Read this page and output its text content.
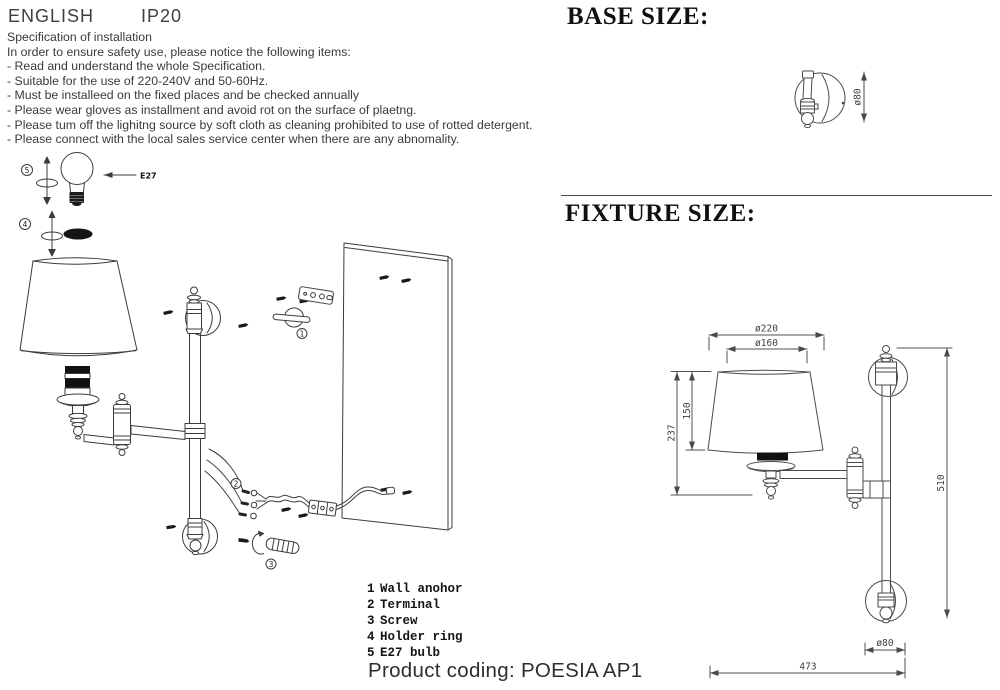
ENGLISH	IP20
Specification of installation
In order to ensure safety use, please notice the following items:
- Read and understand the whole Specification.
- Suitable for the use of 220-240V and 50-60Hz.
- Must be installeed on the fixed places and be checked annually
- Please wear gloves as installment and avoid rot on the surface of plaetng.
- Please tum off the lighitng source by soft cloth as cleaning prohibited to use of rotted detergent.
- Please connect with the local sales service center when there are any abnomality.
BASE SIZE:
FIXTURE SIZE:
5
4
E27
1
2
3
ø80
ø220
ø160
237
150
510
ø80
473
1 Wall anohor
2 Terminal
3 Screw
4 Holder ring
5 E27 bulb
Product coding: POESIA AP1
